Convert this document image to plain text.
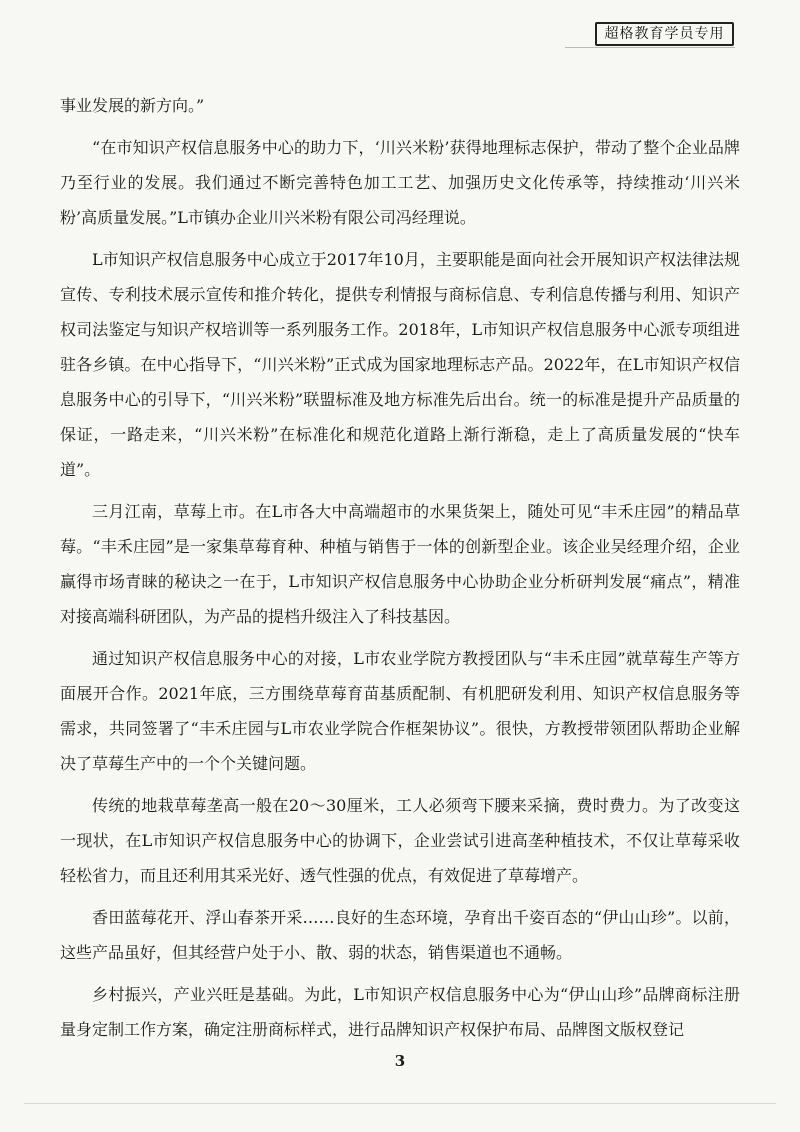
超格教育学员专用

事业发展的新方向。”

“在市知识产权信息服务中心的助力下，‘川兴米粉’获得地理标志保护，带动了整个企业品牌乃至行业的发展。我们通过不断完善特色加工工艺、加强历史文化传承等，持续推动‘川兴米粉’高质量发展。”L市镇办企业川兴米粉有限公司冯经理说。

L市知识产权信息服务中心成立于2017年10月，主要职能是面向社会开展知识产权法律法规宣传、专利技术展示宣传和推介转化，提供专利情报与商标信息、专利信息传播与利用、知识产权司法鉴定与知识产权培训等一系列服务工作。2018年，L市知识产权信息服务中心派专项组进驻各乡镇。在中心指导下，“川兴米粉”正式成为国家地理标志产品。2022年，在L市知识产权信息服务中心的引导下，“川兴米粉”联盟标准及地方标准先后出台。统一的标准是提升产品质量的保证，一路走来，“川兴米粉”在标准化和规范化道路上渐行渐稳，走上了高质量发展的“快车道”。

三月江南，草莓上市。在L市各大中高端超市的水果货架上，随处可见“丰禾庄园”的精品草莓。“丰禾庄园”是一家集草莓育种、种植与销售于一体的创新型企业。该企业吴经理介绍，企业赢得市场青睐的秘诀之一在于，L市知识产权信息服务中心协助企业分析研判发展“痛点”，精准对接高端科研团队，为产品的提档升级注入了科技基因。

通过知识产权信息服务中心的对接，L市农业学院方教授团队与“丰禾庄园”就草莓生产等方面展开合作。2021年底，三方围绕草莓育苗基质配制、有机肥研发利用、知识产权信息服务等需求，共同签署了“丰禾庄园与L市农业学院合作框架协议”。很快，方教授带领团队帮助企业解决了草莓生产中的一个个关键问题。

传统的地栽草莓垄高一般在20～30厘米，工人必须弯下腰来采摘，费时费力。为了改变这一现状，在L市知识产权信息服务中心的协调下，企业尝试引进高垄种植技术，不仅让草莓采收轻松省力，而且还利用其采光好、透气性强的优点，有效促进了草莓增产。

香田蓝莓花开、浮山春茶开采……良好的生态环境，孕育出千姿百态的“伊山山珍”。以前，这些产品虽好，但其经营户处于小、散、弱的状态，销售渠道也不通畅。

乡村振兴，产业兴旺是基础。为此，L市知识产权信息服务中心为“伊山山珍”品牌商标注册量身定制工作方案，确定注册商标样式，进行品牌知识产权保护布局、品牌图文版权登记

3
